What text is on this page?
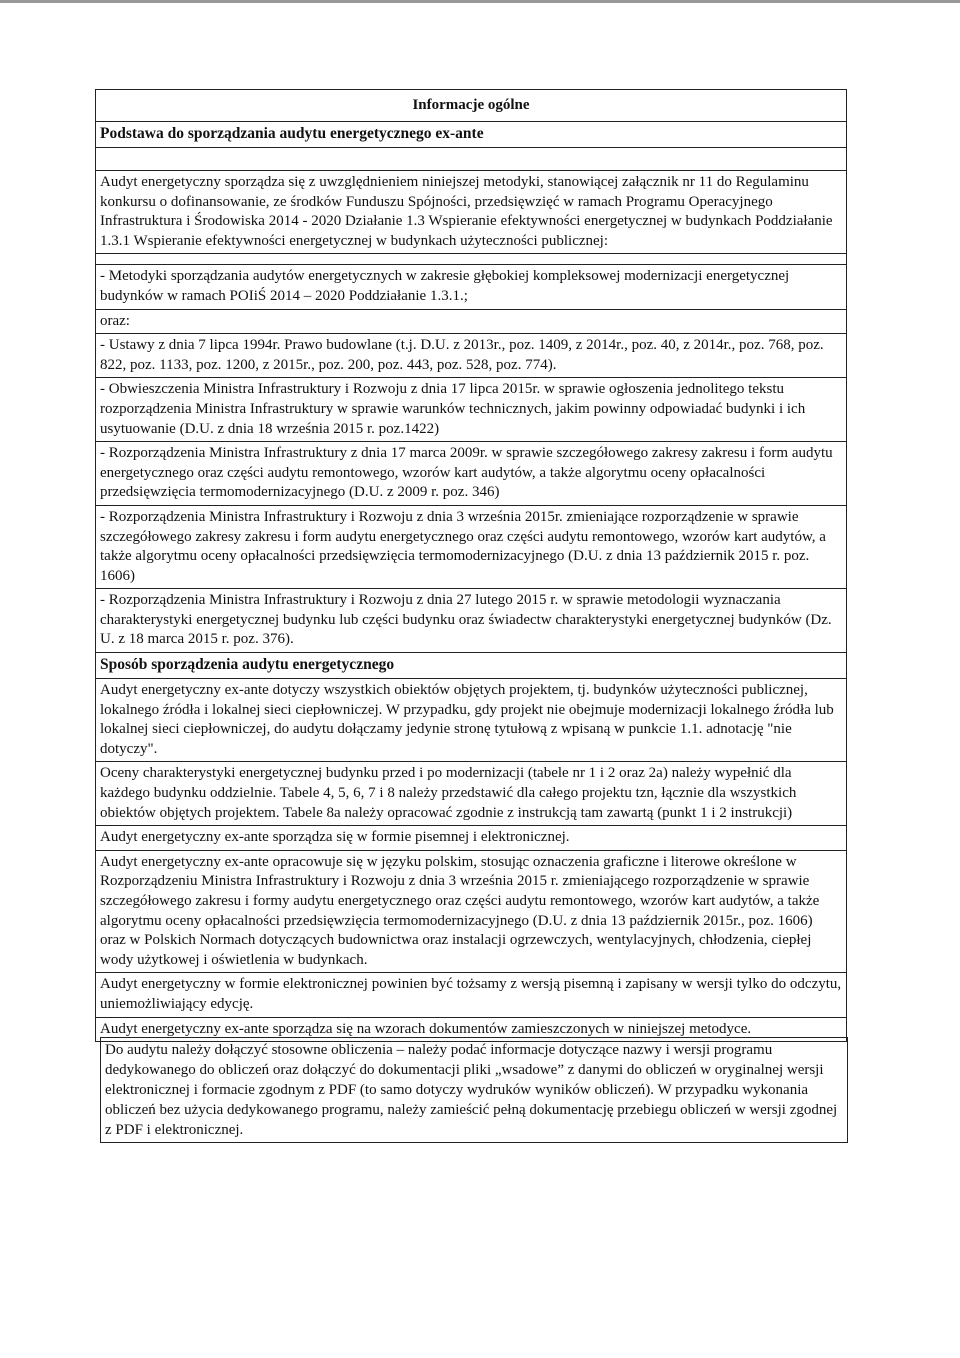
Informacje ogólne
Podstawa do sporządzania audytu energetycznego ex-ante
Audyt energetyczny sporządza się z uwzględnieniem niniejszej metodyki, stanowiącej załącznik nr 11 do Regulaminu konkursu o dofinansowanie, ze środków Funduszu Spójności, przedsięwzięć w ramach Programu Operacyjnego Infrastruktura i Środowiska 2014 - 2020 Działanie 1.3 Wspieranie efektywności energetycznej w budynkach Poddziałanie 1.3.1 Wspieranie efektywności energetycznej w budynkach użyteczności publicznej:
- Metodyki sporządzania audytów energetycznych w zakresie głębokiej kompleksowej modernizacji energetycznej budynków w ramach POIiŚ 2014 – 2020 Poddziałanie 1.3.1.;
oraz:
- Ustawy z dnia 7 lipca 1994r. Prawo budowlane (t.j. D.U. z 2013r., poz. 1409, z 2014r., poz. 40, z 2014r., poz. 768, poz. 822, poz. 1133, poz. 1200, z 2015r., poz. 200, poz. 443, poz. 528, poz. 774).
- Obwieszczenia Ministra Infrastruktury i Rozwoju z dnia 17 lipca 2015r. w sprawie ogłoszenia jednolitego tekstu rozporządzenia Ministra Infrastruktury w sprawie warunków technicznych, jakim powinny odpowiadać budynki i ich usytuowanie (D.U. z dnia 18 września 2015 r. poz.1422)
- Rozporządzenia Ministra Infrastruktury z dnia 17 marca 2009r. w sprawie szczegółowego zakresy zakresu i form audytu energetycznego oraz części audytu remontowego, wzorów kart audytów, a także algorytmu oceny opłacalności przedsięwzięcia termomodernizacyjnego (D.U. z 2009 r. poz. 346)
- Rozporządzenia Ministra Infrastruktury i Rozwoju z dnia 3 września 2015r. zmieniające rozporządzenie w sprawie szczegółowego zakresy zakresu i form audytu energetycznego oraz części audytu remontowego, wzorów kart audytów, a także algorytmu oceny opłacalności przedsięwzięcia termomodernizacyjnego (D.U. z dnia 13 październik 2015 r. poz. 1606)
- Rozporządzenia Ministra Infrastruktury i Rozwoju z dnia 27 lutego 2015 r. w sprawie metodologii wyznaczania charakterystyki energetycznej budynku lub części budynku oraz świadectw charakterystyki energetycznej budynków (Dz. U. z 18 marca 2015 r. poz. 376).
Sposób sporządzenia audytu energetycznego
Audyt energetyczny ex-ante dotyczy wszystkich obiektów objętych projektem, tj. budynków użyteczności publicznej, lokalnego źródła i lokalnej sieci ciepłowniczej. W przypadku, gdy projekt nie obejmuje modernizacji lokalnego źródła lub lokalnej sieci ciepłowniczej, do audytu dołączamy jedynie stronę tytułową z wpisaną w punkcie 1.1. adnotację "nie dotyczy".
Oceny charakterystyki energetycznej budynku przed i po modernizacji (tabele nr 1 i 2 oraz 2a) należy wypełnić dla każdego budynku oddzielnie. Tabele 4, 5, 6, 7 i 8 należy przedstawić dla całego projektu tzn, łącznie dla wszystkich obiektów objętych projektem. Tabele 8a należy opracować zgodnie z instrukcją tam zawartą (punkt 1 i 2 instrukcji)
Audyt energetyczny ex-ante sporządza się w formie pisemnej i elektronicznej.
Audyt energetyczny ex-ante opracowuje się w języku polskim, stosując oznaczenia graficzne i literowe określone w Rozporządzeniu Ministra Infrastruktury i Rozwoju z dnia 3 września 2015 r. zmieniającego rozporządzenie w sprawie szczegółowego zakresu i formy audytu energetycznego oraz części audytu remontowego, wzorów kart audytów, a także algorytmu oceny opłacalności przedsięwzięcia termomodernizacyjnego (D.U. z dnia 13 październik 2015r., poz. 1606) oraz w Polskich Normach dotyczących budownictwa oraz instalacji ogrzewczych, wentylacyjnych, chłodzenia, ciepłej wody użytkowej i oświetlenia w budynkach.
Audyt energetyczny w formie elektronicznej powinien być tożsamy z wersją pisemną i zapisany w wersji tylko do odczytu, uniemożliwiający edycję.
Audyt energetyczny ex-ante sporządza się na wzorach dokumentów zamieszczonych w niniejszej metodyce.
Do audytu należy dołączyć stosowne obliczenia – należy podać informacje dotyczące nazwy i wersji programu dedykowanego do obliczeń oraz dołączyć do dokumentacji pliki „wsadowe” z danymi do obliczeń w oryginalnej wersji elektronicznej i formacie zgodnym z PDF (to samo dotyczy wydruków wyników obliczeń). W przypadku wykonania obliczeń bez użycia dedykowanego programu, należy zamieścić pełną dokumentację przebiegu obliczeń w wersji zgodnej z PDF i elektronicznej.
